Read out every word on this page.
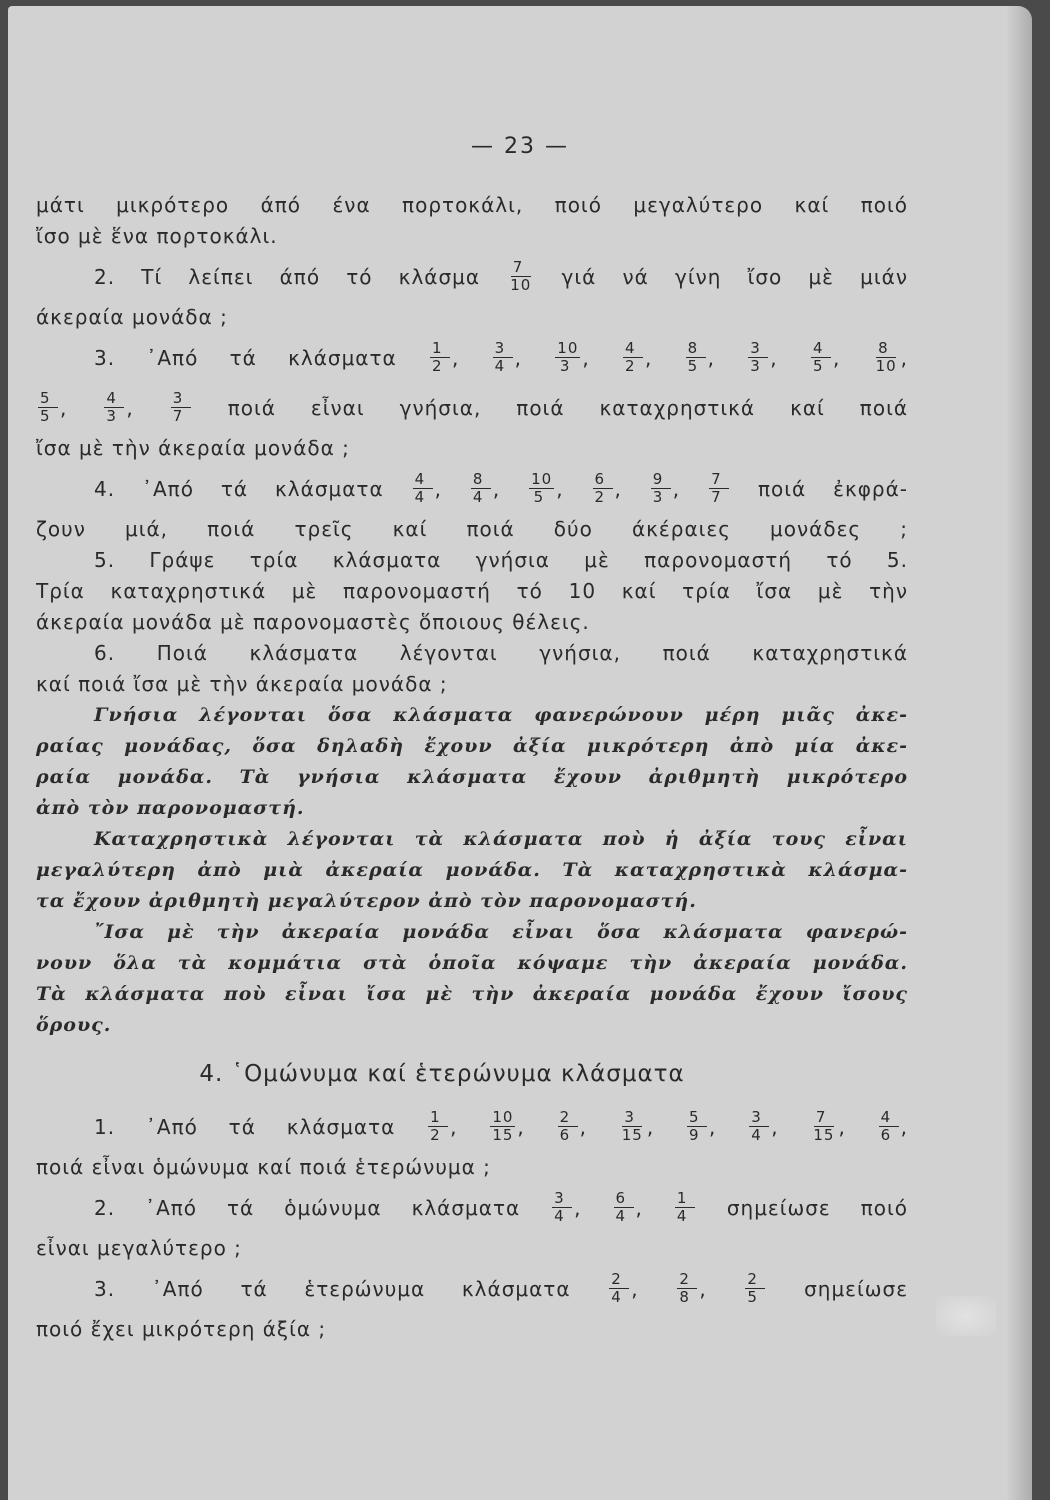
— 23 —
μάτι μικρότερο άπό ένα πορτοκάλι, ποιό μεγαλύτερο καί ποιό
ἴσο μὲ ἕνα πορτοκάλι.
2. Τί λείπει άπό τό κλάσμα $\frac{7}{10}$ γιά νά γίνη ἴσο μὲ μιάν
άκεραία μονάδα ;
3. ᾽Από τά κλάσματα $\frac{1}{2}$ , $\frac{3}{4}$ , $\frac{10}{3}$ , $\frac{4}{2}$ , $\frac{8}{5}$ , $\frac{3}{3}$ , $\frac{4}{5}$ , $\frac{8}{10}$ ,
$\frac{5}{5}$ , $\frac{4}{3}$ , $\frac{3}{7}$ ποιά εἶναι γνήσια, ποιά καταχρηστικά καί ποιά
ἴσα μὲ τὴν άκεραία μονάδα ;
4. ᾽Από τά κλάσματα $\frac{4}{4}$ , $\frac{8}{4}$ , $\frac{10}{5}$ , $\frac{6}{2}$ , $\frac{9}{3}$ , $\frac{7}{7}$ ποιά ἐκφρά-
ζουν μιά, ποιά τρεῖς καί ποιά δύο άκέραιες μονάδες ;
5. Γράψε τρία κλάσματα γνήσια μὲ παρονομαστή τό 5.
Τρία καταχρηστικά μὲ παρονομαστή τό 10 καί τρία ἴσα μὲ τὴν
άκεραία μονάδα μὲ παρονομαστὲς ὅποιους θέλεις.
6. Ποιά κλάσματα λέγονται γνήσια, ποιά καταχρηστικά
καί ποιά ἴσα μὲ τὴν άκεραία μονάδα ;
Γνήσια λέγονται ὅσα κλάσματα φανερώνουν μέρη μιᾶς ἀκε-
ραίας μονάδας, ὅσα δηλαδὴ ἔχουν ἀξία μικρότερη ἀπὸ μία ἀκε-
ραία μονάδα. Τὰ γνήσια κλάσματα ἔχουν ἀριθμητὴ μικρότερο
ἀπὸ τὸν παρονομαστή.
Καταχρηστικὰ λέγονται τὰ κλάσματα ποὺ ἡ ἀξία τους εἶναι
μεγαλύτερη ἀπὸ μιὰ ἀκεραία μονάδα. Τὰ καταχρηστικὰ κλάσμα-
τα ἔχουν ἀριθμητὴ μεγαλύτερον ἀπὸ τὸν παρονομαστή.
῎Ισα μὲ τὴν ἀκεραία μονάδα εἶναι ὅσα κλάσματα φανερώ-
νουν ὅλα τὰ κομμάτια στὰ ὁποῖα κόψαμε τὴν ἀκεραία μονάδα.
Τὰ κλάσματα ποὺ εἶναι ἴσα μὲ τὴν ἀκεραία μονάδα ἔχουν ἴσους
ὅρους.
4. ῾Ομώνυμα καί ἑτερώνυμα κλάσματα
1. ᾽Από τά κλάσματα $\frac{1}{2}$ , $\frac{10}{15}$ , $\frac{2}{6}$ , $\frac{3}{15}$ , $\frac{5}{9}$ , $\frac{3}{4}$ , $\frac{7}{15}$ , $\frac{4}{6}$ ,
ποιά εἶναι ὁμώνυμα καί ποιά ἑτερώνυμα ;
2. ᾽Από τά ὁμώνυμα κλάσματα $\frac{3}{4}$ , $\frac{6}{4}$ , $\frac{1}{4}$ σημείωσε ποιό
εἶναι μεγαλύτερο ;
3. ᾽Από τά ἑτερώνυμα κλάσματα	$\frac{2}{4}$ , $\frac{2}{8}$ , $\frac{2}{5}$ σημείωσε
ποιό ἔχει μικρότερη άξία ;
